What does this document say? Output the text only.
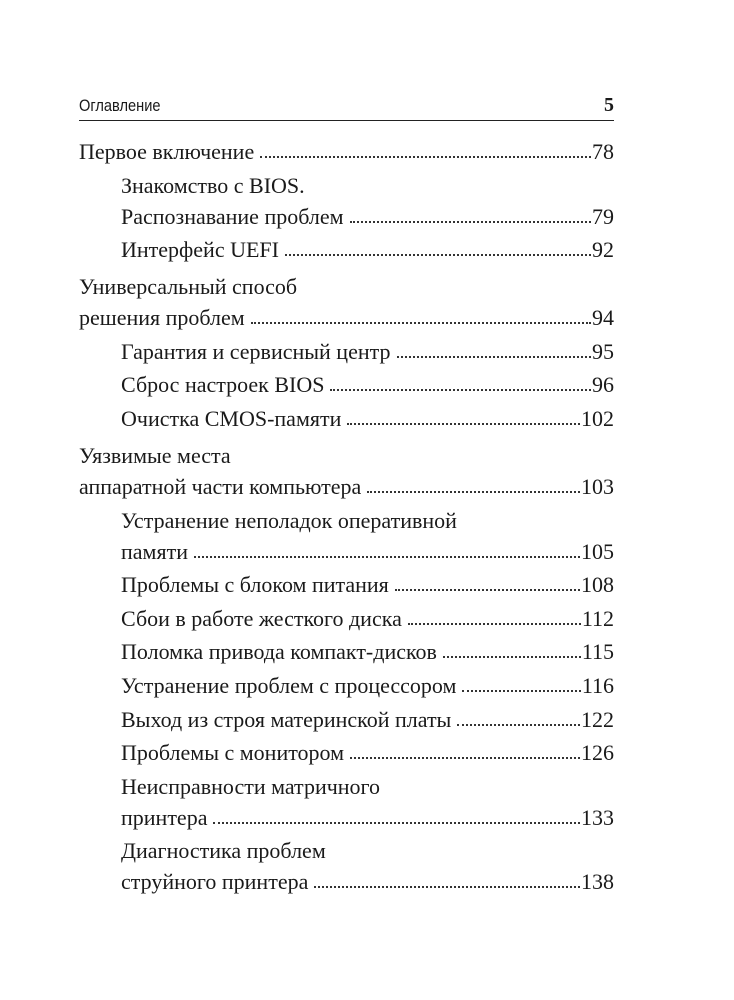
Оглавление	5
Первое включение	78
Знакомство с BIOS.
Распознавание проблем	79
Интерфейс UEFI	92
Универсальный способ
решения проблем	94
Гарантия и сервисный центр	95
Сброс настроек BIOS	96
Очистка CMOS-памяти	102
Уязвимые места
аппаратной части компьютера	103
Устранение неполадок оперативной
памяти	105
Проблемы с блоком питания	108
Сбои в работе жесткого диска	112
Поломка привода компакт-дисков	115
Устранение проблем с процессором	116
Выход из строя материнской платы	122
Проблемы с монитором	126
Неисправности матричного
принтера	133
Диагностика проблем
струйного принтера	138
